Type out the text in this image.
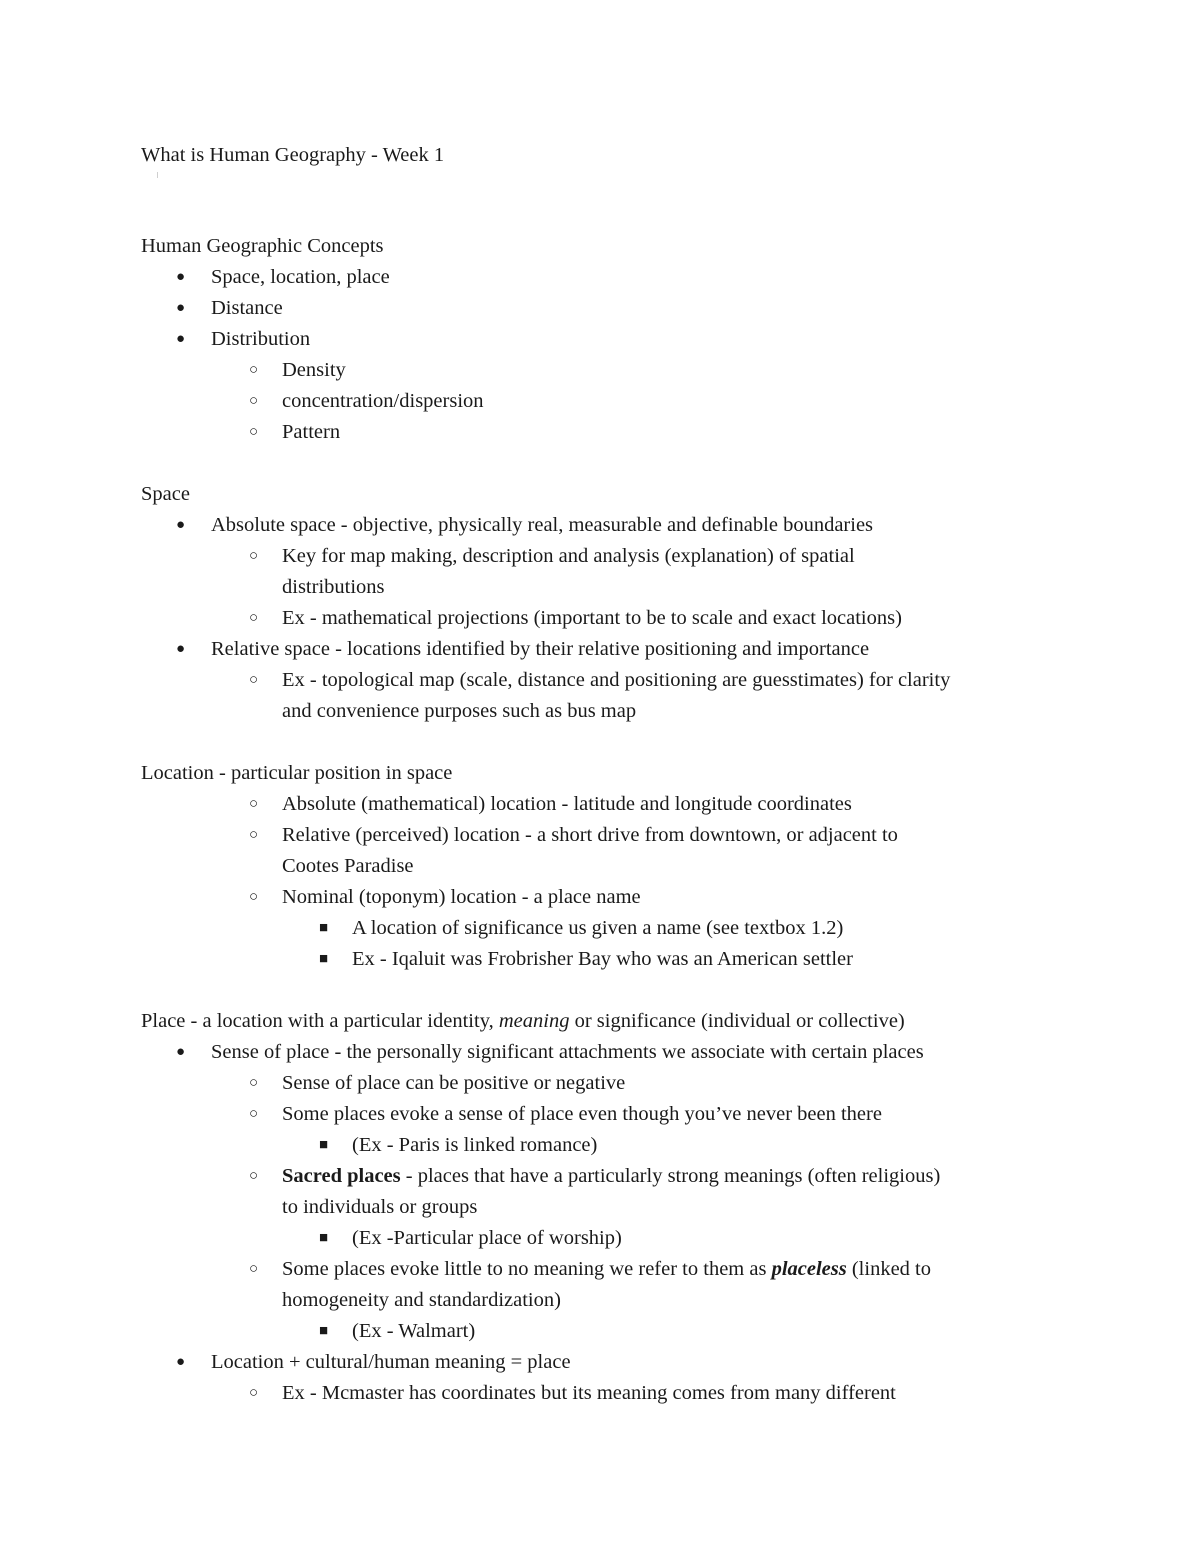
What is Human Geography - Week 1
Human Geographic Concepts
● Space, location, place
● Distance
● Distribution
○ Density
○ concentration/dispersion
○ Pattern
Space
● Absolute space - objective, physically real, measurable and definable boundaries
○ Key for map making, description and analysis (explanation) of spatial
distributions
○ Ex - mathematical projections (important to be to scale and exact locations)
● Relative space - locations identified by their relative positioning and importance
○ Ex - topological map (scale, distance and positioning are guesstimates) for clarity
and convenience purposes such as bus map
Location - particular position in space
○ Absolute (mathematical) location - latitude and longitude coordinates
○ Relative (perceived) location - a short drive from downtown, or adjacent to
Cootes Paradise
○ Nominal (toponym) location - a place name
■ A location of significance us given a name (see textbox 1.2)
■ Ex - Iqaluit was Frobrisher Bay who was an American settler
Place - a location with a particular identity, meaning or significance (individual or collective)
● Sense of place - the personally significant attachments we associate with certain places
○ Sense of place can be positive or negative
○ Some places evoke a sense of place even though you’ve never been there
■ (Ex - Paris is linked romance)
○ Sacred places - places that have a particularly strong meanings (often religious)
to individuals or groups
■ (Ex -Particular place of worship)
○ Some places evoke little to no meaning we refer to them as placeless (linked to
homogeneity and standardization)
■ (Ex - Walmart)
● Location + cultural/human meaning = place
○ Ex - Mcmaster has coordinates but its meaning comes from many different
